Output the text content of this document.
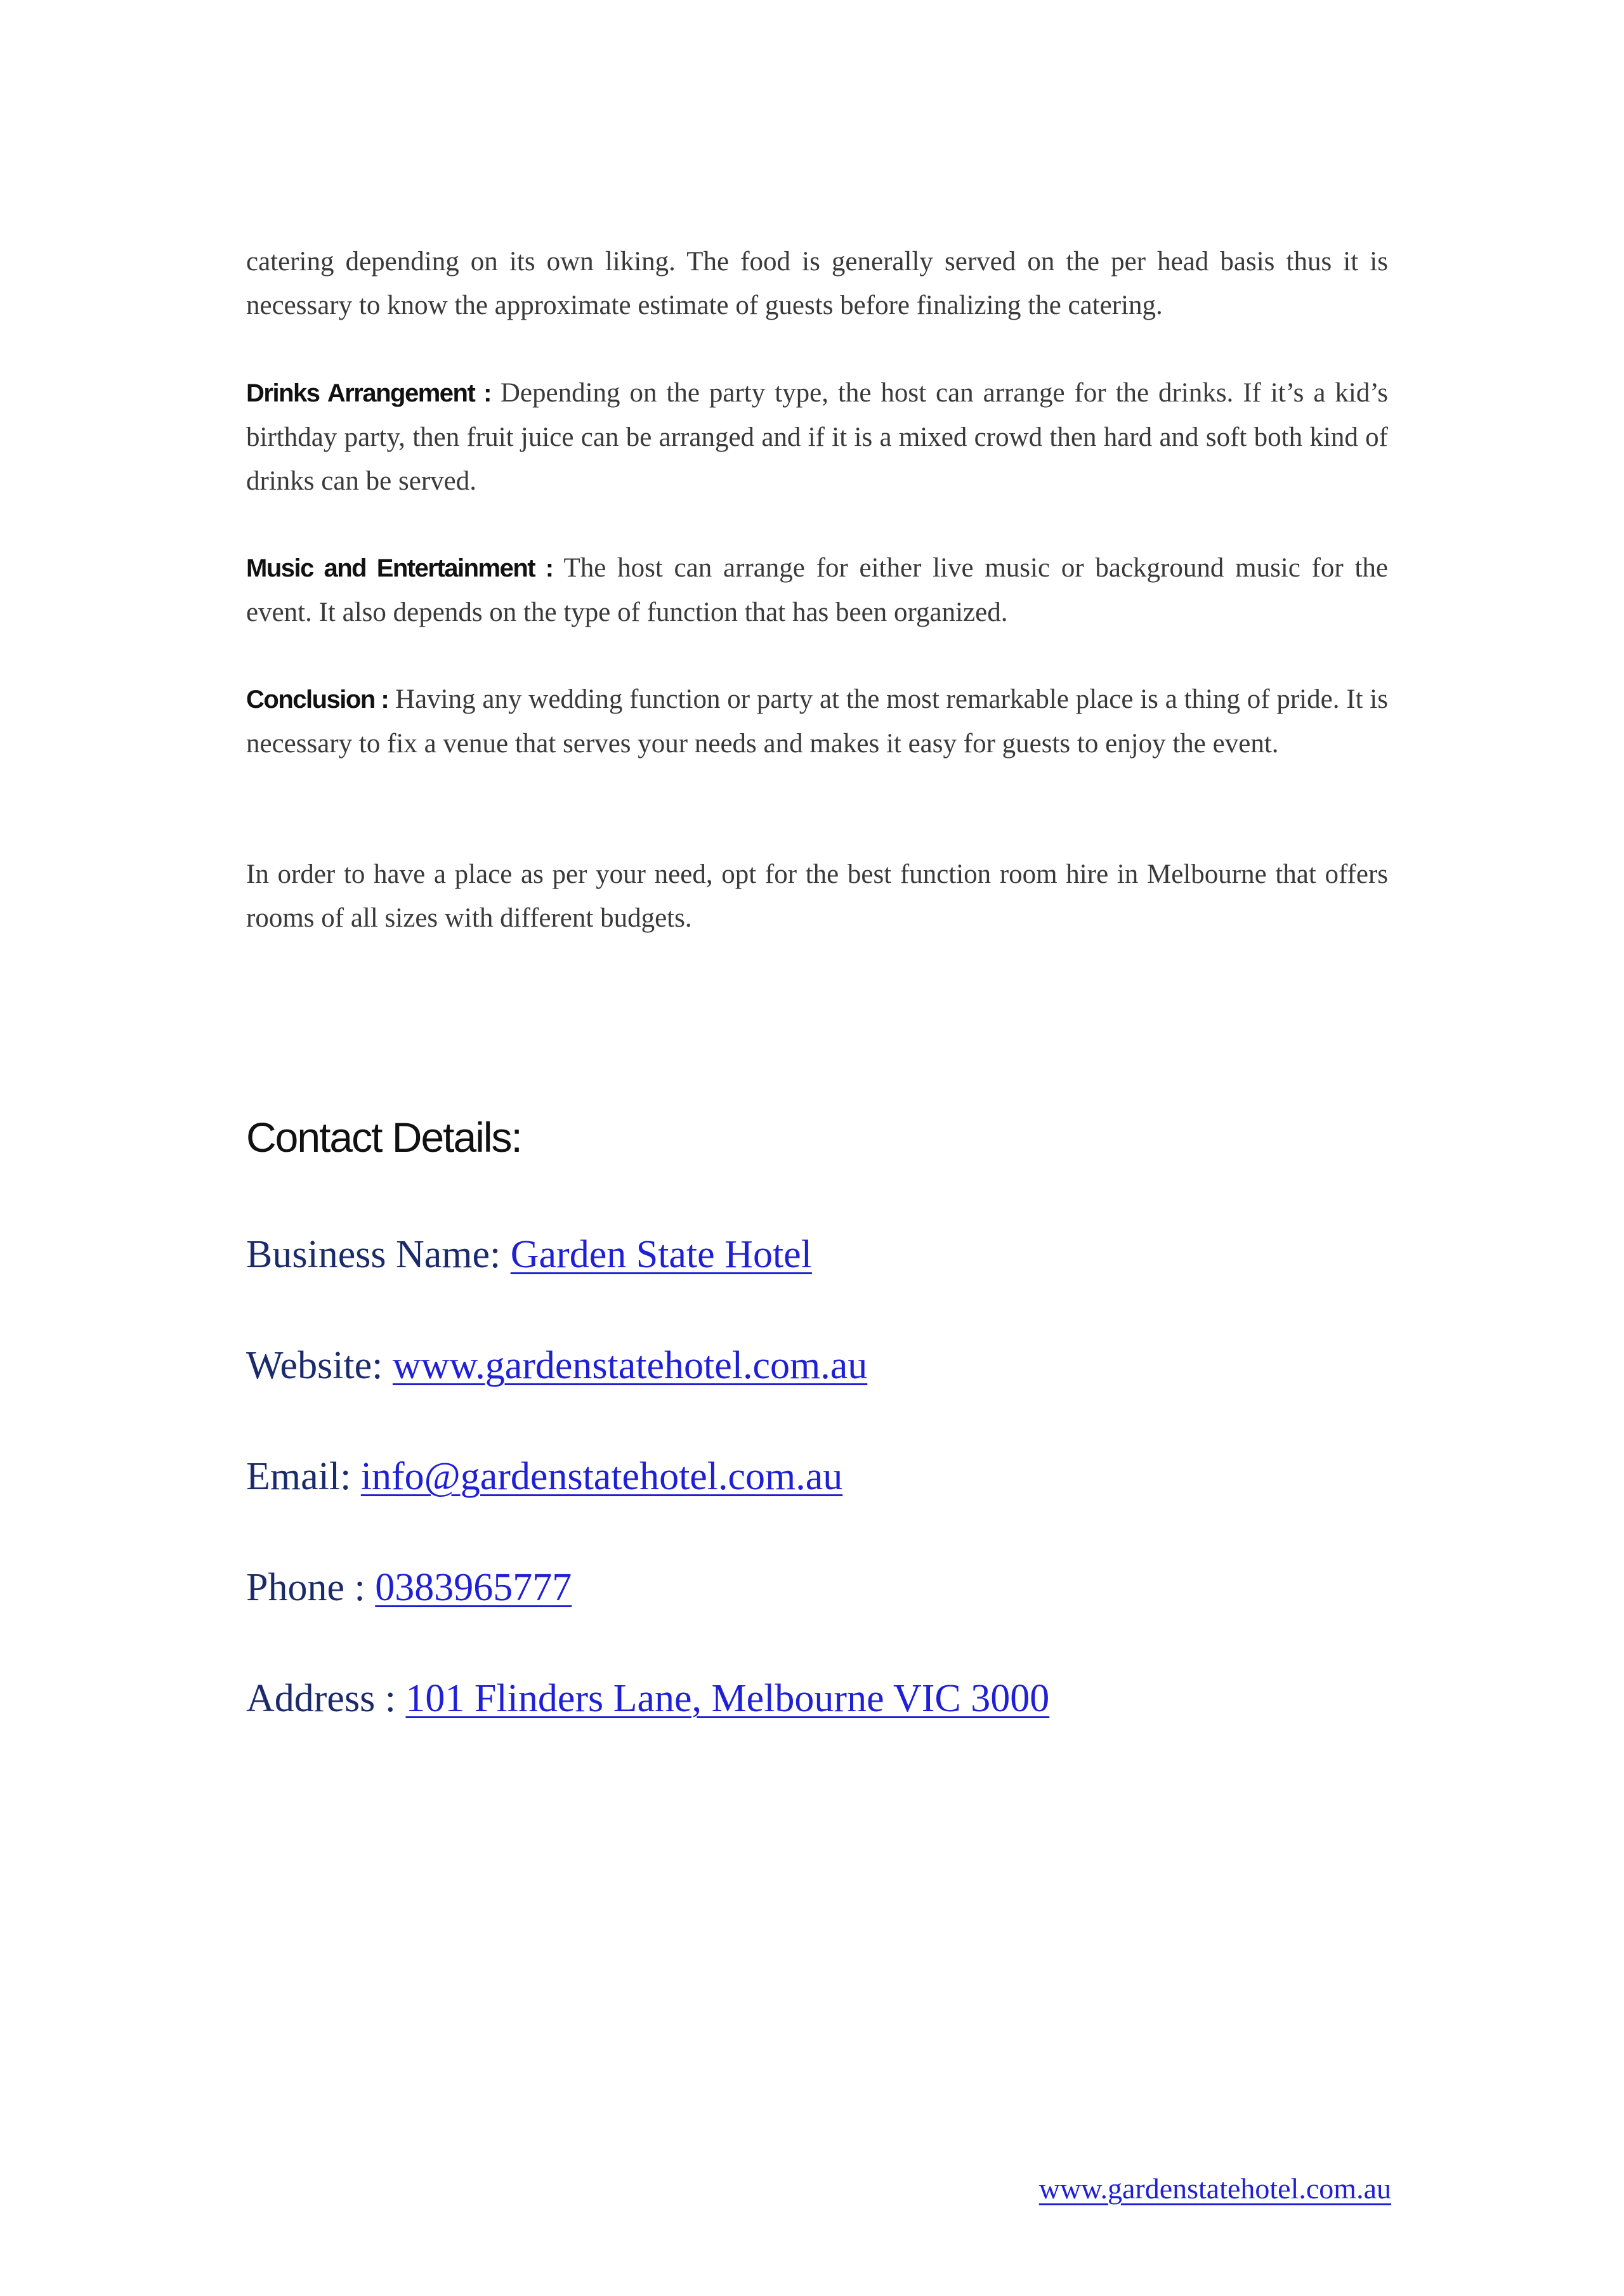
catering depending on its own liking. The food is generally served on the per head basis thus it is necessary to know the approximate estimate of guests before finalizing the catering.

Drinks Arrangement : Depending on the party type, the host can arrange for the drinks. If it’s a kid’s birthday party, then fruit juice can be arranged and if it is a mixed crowd then hard and soft both kind of drinks can be served.

Music and Entertainment : The host can arrange for either live music or background music for the event. It also depends on the type of function that has been organized.

Conclusion : Having any wedding function or party at the most remarkable place is a thing of pride. It is necessary to fix a venue that serves your needs and makes it easy for guests to enjoy the event.

In order to have a place as per your need, opt for the best function room hire in Melbourne that offers rooms of all sizes with different budgets.

Contact Details:

Business Name: Garden State Hotel

Website: www.gardenstatehotel.com.au

Email: info@gardenstatehotel.com.au

Phone : 0383965777

Address : 101 Flinders Lane, Melbourne VIC 3000

www.gardenstatehotel.com.au
